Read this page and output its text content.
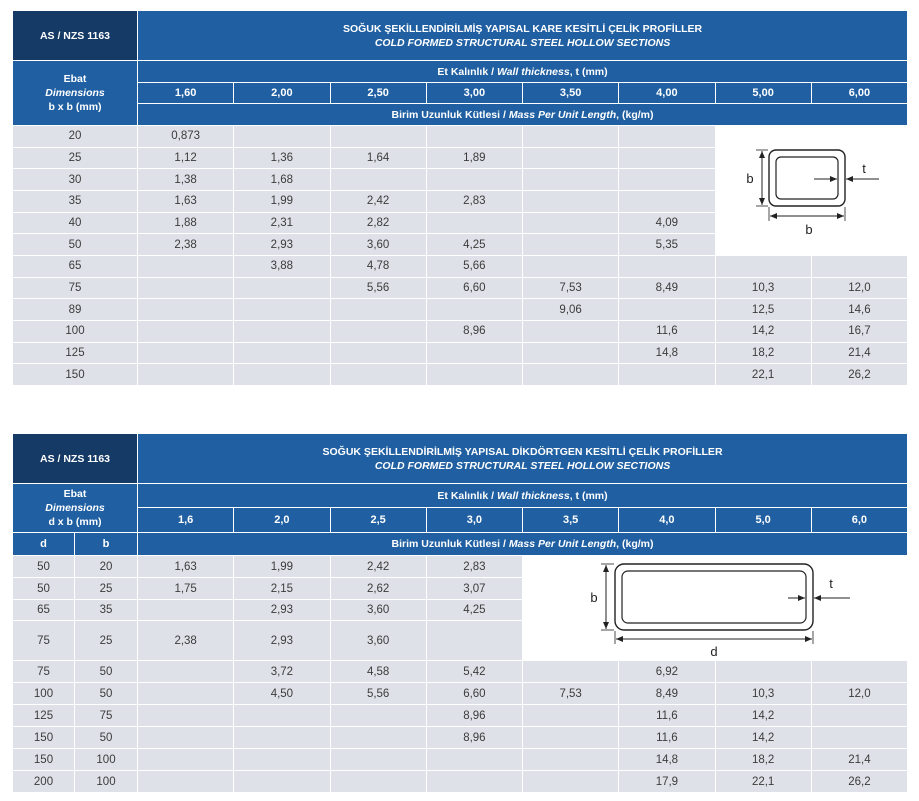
AS / NZS 1163	SOĞUK ŞEKİLLENDİRİLMİŞ YAPISAL KARE KESİTLİ ÇELİK PROFİLLER
COLD FORMED STRUCTURAL STEEL HOLLOW SECTIONS							

Ebat
Dimensions
b x b (mm)	Et Kalınlık / Wall thickness, t (mm)							
	1,60	2,00	2,50	3,00	3,50	4,00	5,00	6,00
	Birim Uzunluk Kütlesi / Mass Per Unit Length, (kg/m)							
20	0,873						b
b
t	

25	1,12	1,36	1,64	1,89				
30	1,38	1,68						
35	1,63	1,99	2,42	2,83				
40	1,88	2,31	2,82			4,09		
50	2,38	2,93	3,60	4,25		5,35		
65		3,88	4,78	5,66				
75			5,56	6,60	7,53	8,49	10,3	12,0
89					9,06		12,5	14,6
100				8,96		11,6	14,2	16,7
125						14,8	18,2	21,4
150							22,1	26,2
AS / NZS 1163		SOĞUK ŞEKİLLENDİRİLMİŞ YAPISAL DİKDÖRTGEN KESİTLİ ÇELİK PROFİLLER
COLD FORMED STRUCTURAL STEEL HOLLOW SECTIONS							

Ebat
Dimensions
d x b (mm)		Et Kalınlık / Wall thickness, t (mm)							
		1,6	2,0	2,5	3,0	3,5	4,0	5,0	6,0
d	b	Birim Uzunluk Kütlesi / Mass Per Unit Length, (kg/m)							
50	20	1,63	1,99	2,42	2,83	b
d
t			

50	25	1,75	2,15	2,62	3,07				
65	35		2,93	3,60	4,25				
75	25	2,38	2,93	3,60					
75	50		3,72	4,58	5,42		6,92		
100	50		4,50	5,56	6,60	7,53	8,49	10,3	12,0
125	75				8,96		11,6	14,2	
150	50				8,96		11,6	14,2	
150	100						14,8	18,2	21,4
200	100						17,9	22,1	26,2
